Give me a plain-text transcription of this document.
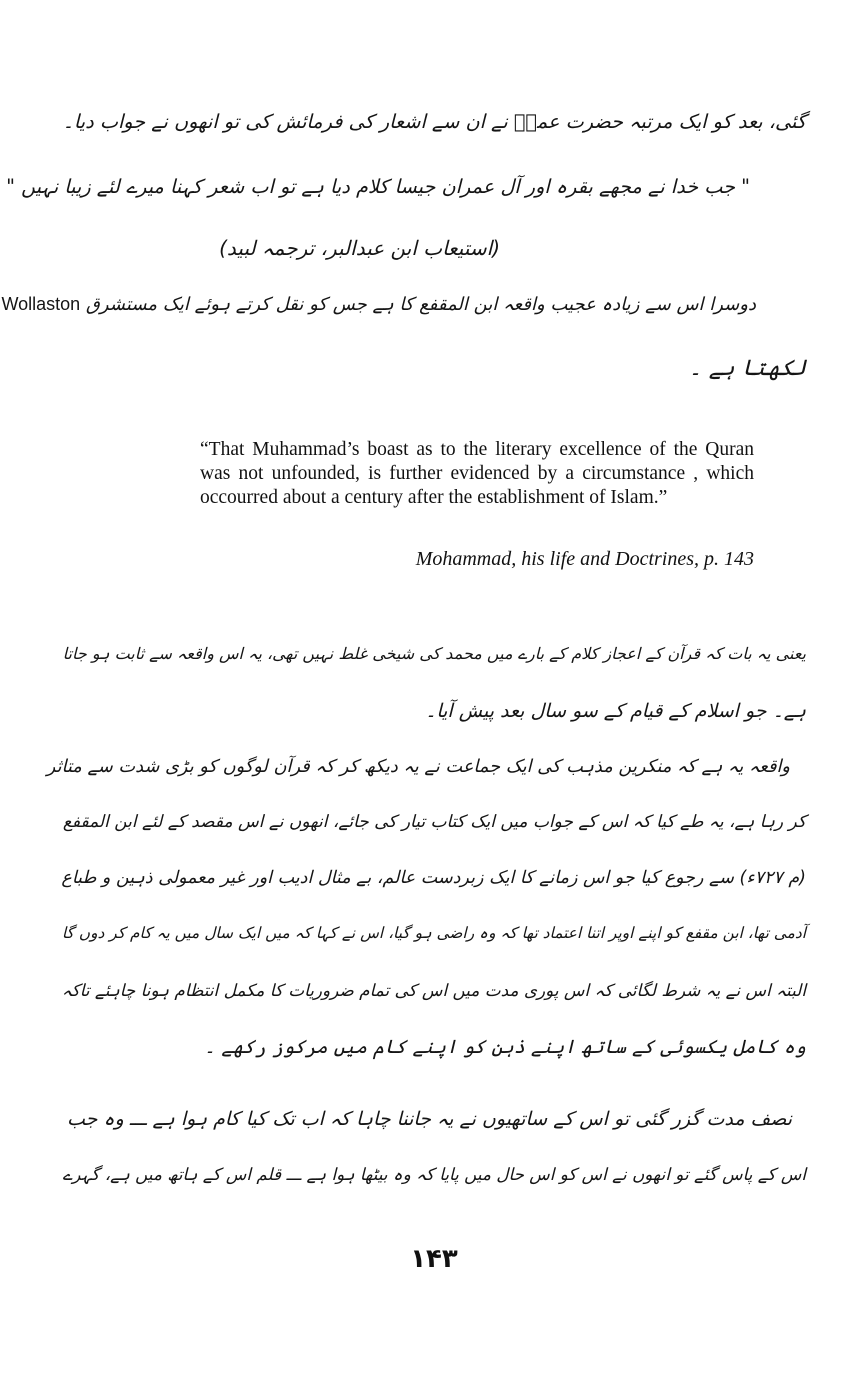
گئی، بعد کو ایک مرتبہ حضرت عمرؓ نے ان سے اشعار کی فرمائش کی تو انھوں نے جواب دیا۔
" جب خدا نے مجھے بقرہ اور آل عمران جیسا کلام دیا ہے تو اب شعر کہنا میرے لئے زیبا نہیں "
(استیعاب ابن عبدالبر، ترجمہ لبید)
دوسرا اس سے زیادہ عجیب واقعہ ابن المقفع کا ہے جس کو نقل کرتے ہوئے ایک مستشرق Wollaston
لکھتا ہے ۔
“That Muhammad’s boast as to the literary excellence of the Quran was not unfounded, is further evidenced by a circumstance , which occourred about a century after the establishment of Islam.”
Mohammad, his life and Doctrines, p. 143
یعنی یہ بات کہ قرآن کے اعجاز کلام کے بارے میں محمد کی شیخی غلط نہیں تھی، یہ اس واقعہ سے ثابت ہو جاتا
ہے۔ جو اسلام کے قیام کے سو سال بعد پیش آیا۔
واقعہ یہ ہے کہ منکرین مذہب کی ایک جماعت نے یہ دیکھ کر کہ قرآن لوگوں کو بڑی شدت سے متاثر
کر رہا ہے، یہ طے کیا کہ اس کے جواب میں ایک کتاب تیار کی جائے، انھوں نے اس مقصد کے لئے ابن المقفع
(م ۷۲۷ء) سے رجوع کیا جو اس زمانے کا ایک زبردست عالم، بے مثال ادیب اور غیر معمولی ذہین و طباع
آدمی تھا، ابن مقفع کو اپنے اوپر اتنا اعتماد تھا کہ وہ راضی ہو گیا، اس نے کہا کہ میں ایک سال میں یہ کام کر دوں گا
البتہ اس نے یہ شرط لگائی کہ اس پوری مدت میں اس کی تمام ضروریات کا مکمل انتظام ہونا چاہئے تاکہ
وہ کامل یکسوئی کے ساتھ اپنے ذہن کو اپنے کام میں مرکوز رکھے ۔
نصف مدت گزر گئی تو اس کے ساتھیوں نے یہ جاننا چاہا کہ اب تک کیا کام ہوا ہے ـــ وہ جب
اس کے پاس گئے تو انھوں نے اس کو اس حال میں پایا کہ وہ بیٹھا ہوا ہے ـــ قلم اس کے ہاتھ میں ہے، گہرے
۱۴۳
